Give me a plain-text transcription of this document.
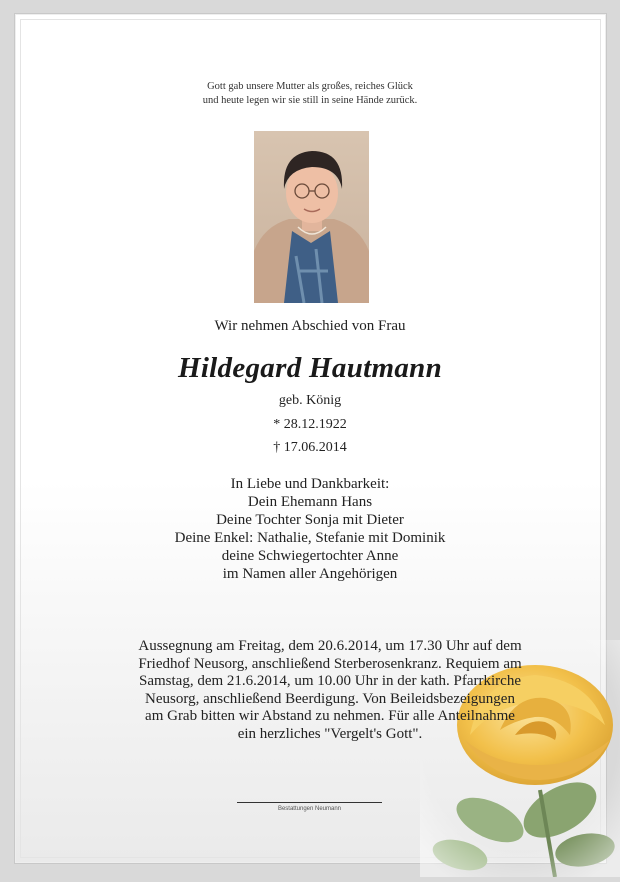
Gott gab unsere Mutter als großes, reiches Glück
und heute legen wir sie still in seine Hände zurück.
Wir nehmen Abschied von Frau
Hildegard Hautmann
geb. König
* 28.12.1922
† 17.06.2014
In Liebe und Dankbarkeit:
Dein Ehemann Hans
Deine Tochter Sonja mit Dieter
Deine Enkel: Nathalie, Stefanie mit Dominik
deine Schwiegertochter Anne
im Namen aller Angehörigen
Aussegnung am Freitag, dem 20.6.2014, um 17.30 Uhr auf dem
Friedhof Neusorg, anschließend Sterberosenkranz. Requiem am
Samstag, dem 21.6.2014, um 10.00 Uhr in der kath. Pfarrkirche
Neusorg, anschließend Beerdigung. Von Beileidsbezeigungen
am Grab bitten wir Abstand zu nehmen. Für alle Anteilnahme
ein herzliches "Vergelt's Gott".
Bestattungen Neumann
